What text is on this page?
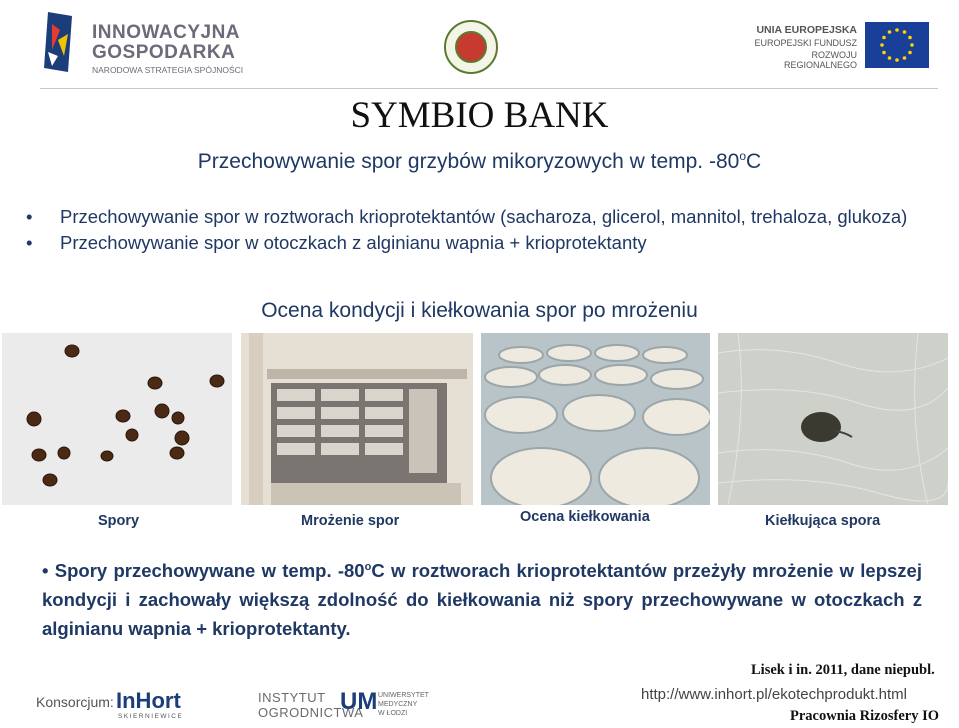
INNOWACYJNA
GOSPODARKA
NARODOWA STRATEGIA SPÓJNOŚCI
UNIA EUROPEJSKA
EUROPEJSKI FUNDUSZ
ROZWOJU REGIONALNEGO
SYMBIO BANK
Przechowywanie spor grzybów mikoryzowych w temp. -80$^o$C
• Przechowywanie spor w roztworach krioprotektantów (sacharoza, glicerol, mannitol, trehaloza, glukoza)
• Przechowywanie spor w otoczkach z alginianu wapnia + krioprotektanty
Ocena kondycji i kiełkowania spor po mrożeniu
Spory	Mrożenie spor	Ocena kiełkowania	Kiełkująca spora
• Spory przechowywane w temp. -80$^o$C w roztworach krioprotektantów przeżyły mrożenie w lepszej kondycji i zachowały większą zdolność do kiełkowania niż spory przechowywane w otoczkach z alginianu wapnia + krioprotektanty.
Lisek i in. 2011, dane niepubl.
http://www.inhort.pl/ekotechprodukt.html
Pracownia Rizosfery IO
Konsorcjum: InHort
SKIERNIEWICE
INSTYTUT
OGRODNICTWA
UM UNIWERSYTET
MEDYCZNY
W ŁODZI
